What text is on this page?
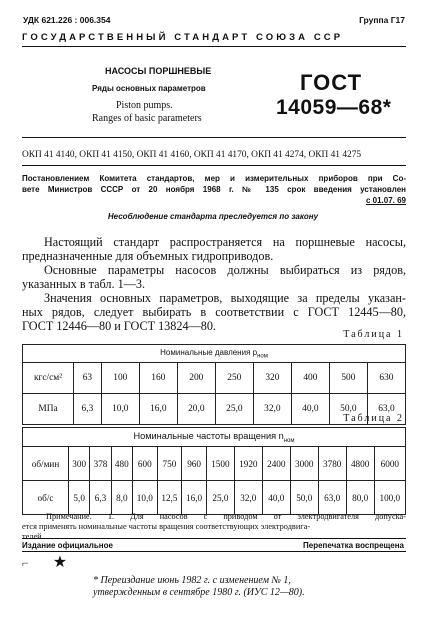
УДК 621.226 : 006.354	Группа Г17
ГОСУДАРСТВЕННЫЙ СТАНДАРТ СОЮЗА ССР
НАСОСЫ ПОРШНЕВЫЕ
Ряды основных параметров
Piston pumps.
Ranges of basic parameters
ГОСТ
14059—68*
ОКП 41 4140, ОКП 41 4150, ОКП 41 4160, ОКП 41 4170, ОКП 41 4274, ОКП 41 4275
Постановлением Комитета стандартов, мер и измерительных приборов при Со-
вете Министров СССР от 20 ноября 1968 г. № 135 срок введения установлен
с 01.07. 69
Несоблюдение стандарта преследуется по закону

Настоящий стандарт распространяется на поршневые насосы,

предназначенные для объемных гидроприводов.

Основные параметры насосов должны выбираться из рядов,

указанных в табл. 1—3.

Значения основных параметров, выходящие за пределы указан-

ных рядов, следует выбирать в соответствии с ГОСТ 12445—80,

ГОСТ 12446—80 и ГОСТ 13824—80.

Таблица 1
Номинальные давления $p_{ном}$
кгс/см²	63	100	160	200	250	320	400	500	630
МПа	6,3	10,0	16,0	20,0	25,0	32,0	40,0	50,0	63,0
Таблица 2
Номинальные частоты вращения $n_{ном}$
об/мин	300	378	480	600	750	960	1500	1920	2400	3000	3780	4800	6000
об/с	5,0	6,3	8,0	10,0	12,5	16,0	25,0	32,0	40,0	50,0	63,0	80,0	100,0
Примечание. 1. Для насосов с приводом от электродвигателя допуска-
ется применять номинальные частоты вращения соответствующих электродвига-
телей.
Издание официальное	Перепечатка воспрещена
⌐ ★
* Переиздание июнь 1982 г. с изменением № 1,
утвержденным в сентябре 1980 г. (ИУС 12—80).
